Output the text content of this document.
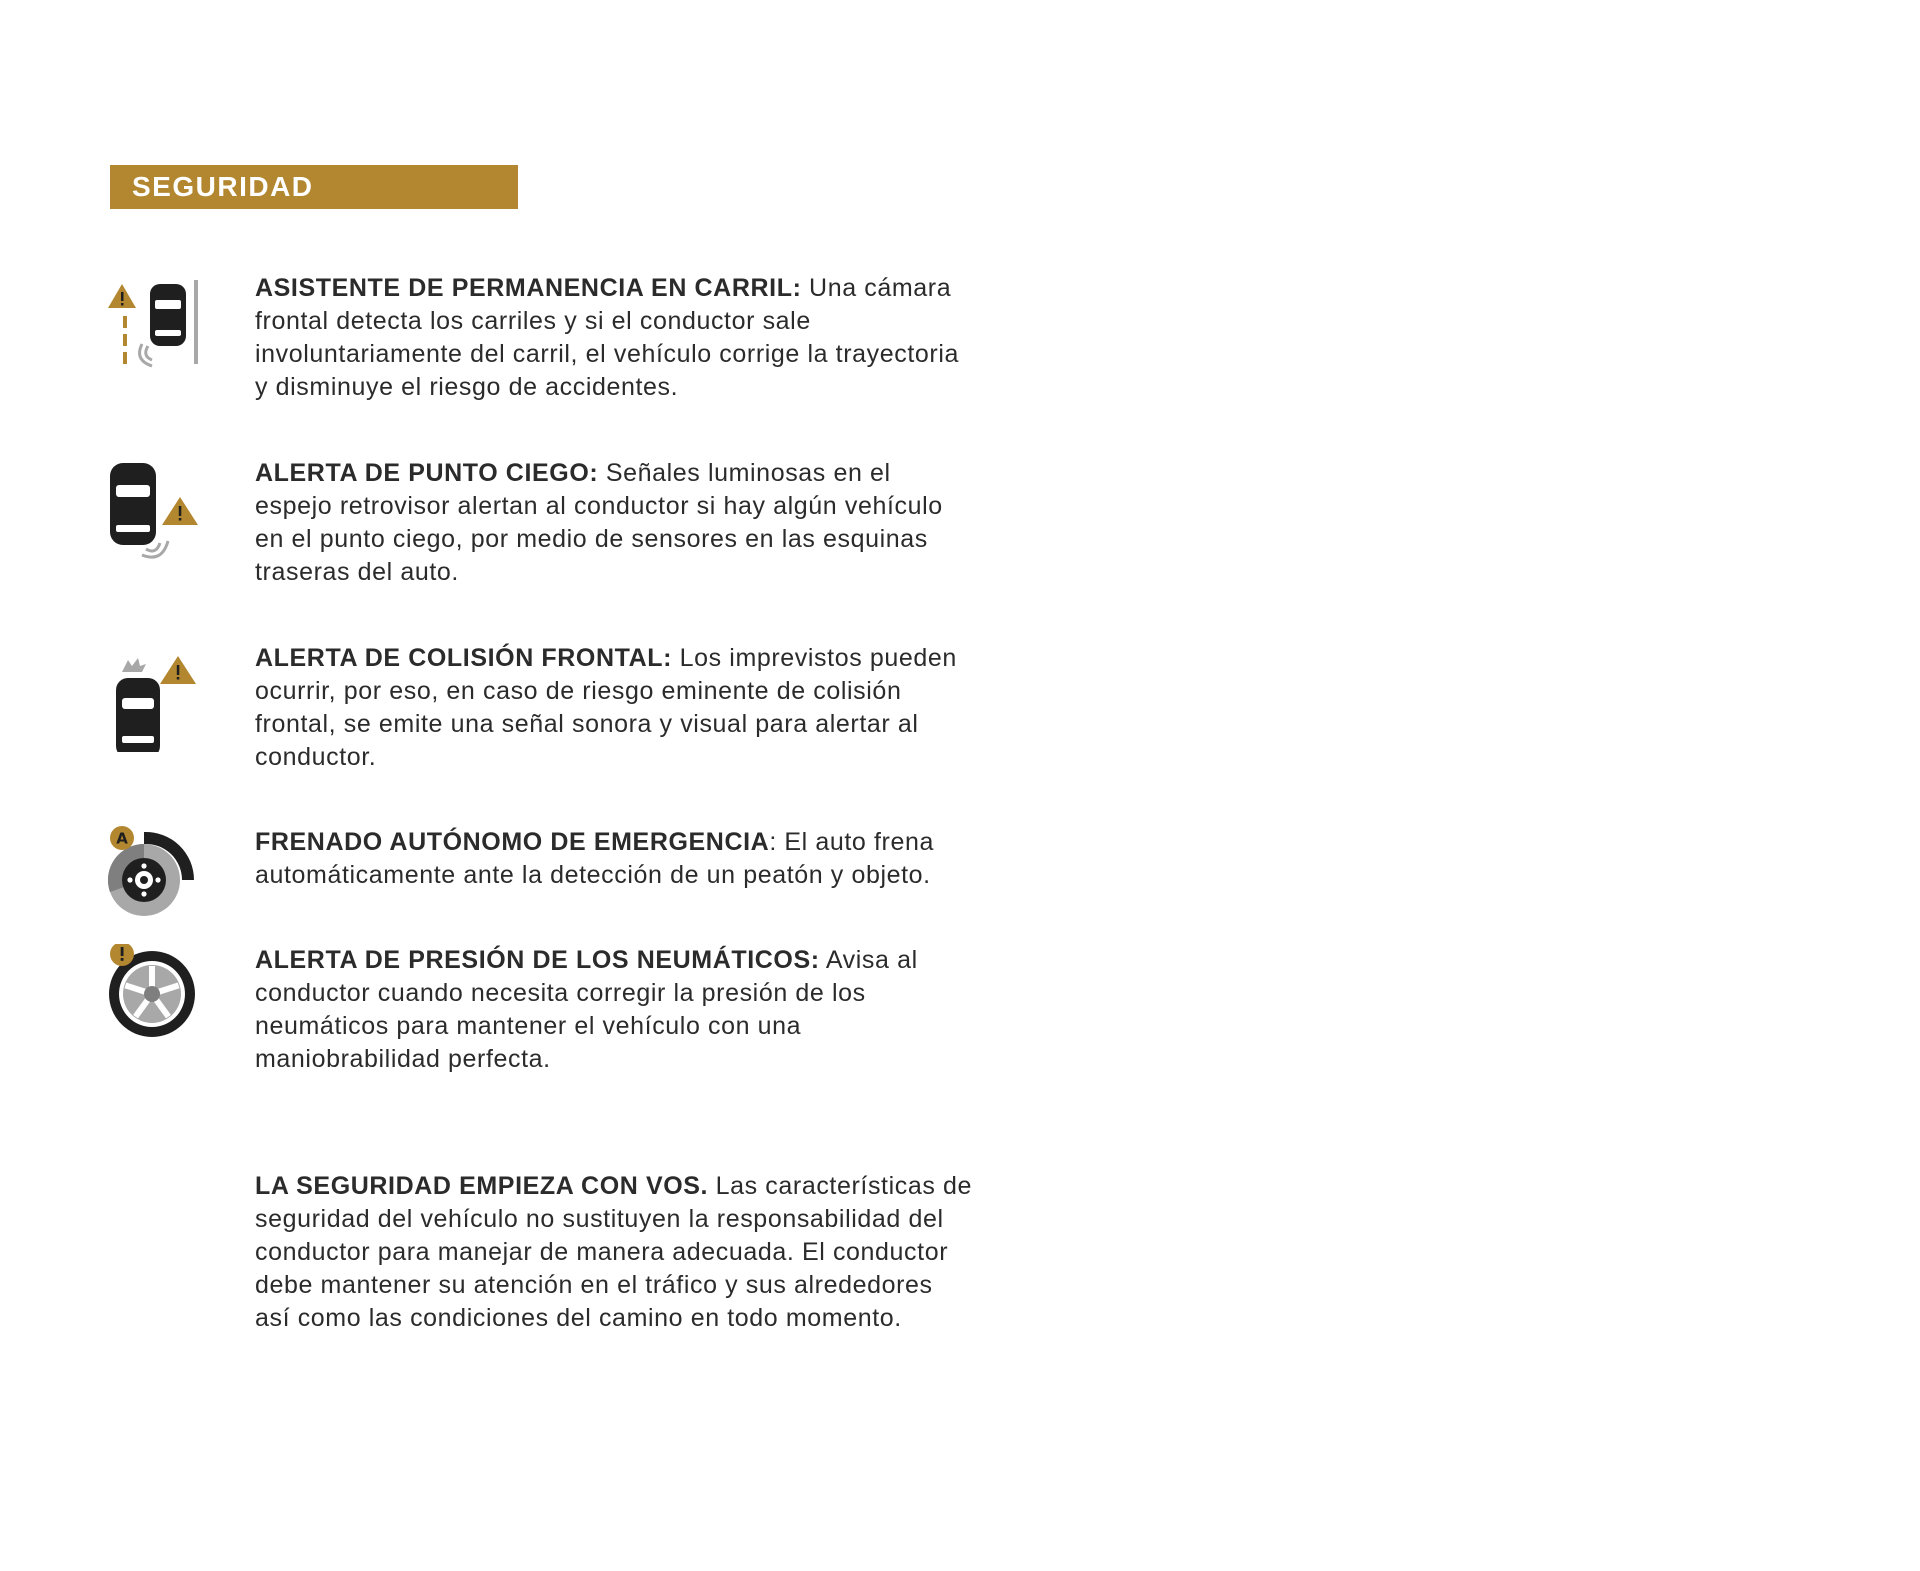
SEGURIDAD
ASISTENTE DE PERMANENCIA EN CARRIL: Una cámara frontal detecta los carriles y si el conductor sale involuntariamente del carril, el vehículo corrige la trayectoria y disminuye el riesgo de accidentes.
ALERTA DE PUNTO CIEGO: Señales luminosas en el espejo retrovisor alertan al conductor si hay algún vehículo en el punto ciego, por medio de sensores en las esquinas traseras del auto.
ALERTA DE COLISIÓN FRONTAL: Los imprevistos pueden ocurrir, por eso, en caso de riesgo eminente de colisión frontal, se emite una señal sonora y visual para alertar al conductor.
A	FRENADO AUTÓNOMO DE EMERGENCIA: El auto frena automáticamente ante la detección de un peatón y objeto.
ALERTA DE PRESIÓN DE LOS NEUMÁTICOS: Avisa al conductor cuando necesita corregir la presión de los neumáticos para mantener el vehículo con una maniobrabilidad perfecta.
LA SEGURIDAD EMPIEZA CON VOS. Las características de seguridad del vehículo no sustituyen la responsabilidad del conductor para manejar de manera adecuada. El conductor debe mantener su atención en el tráfico y sus alrededores así como las condiciones del camino en todo momento.
